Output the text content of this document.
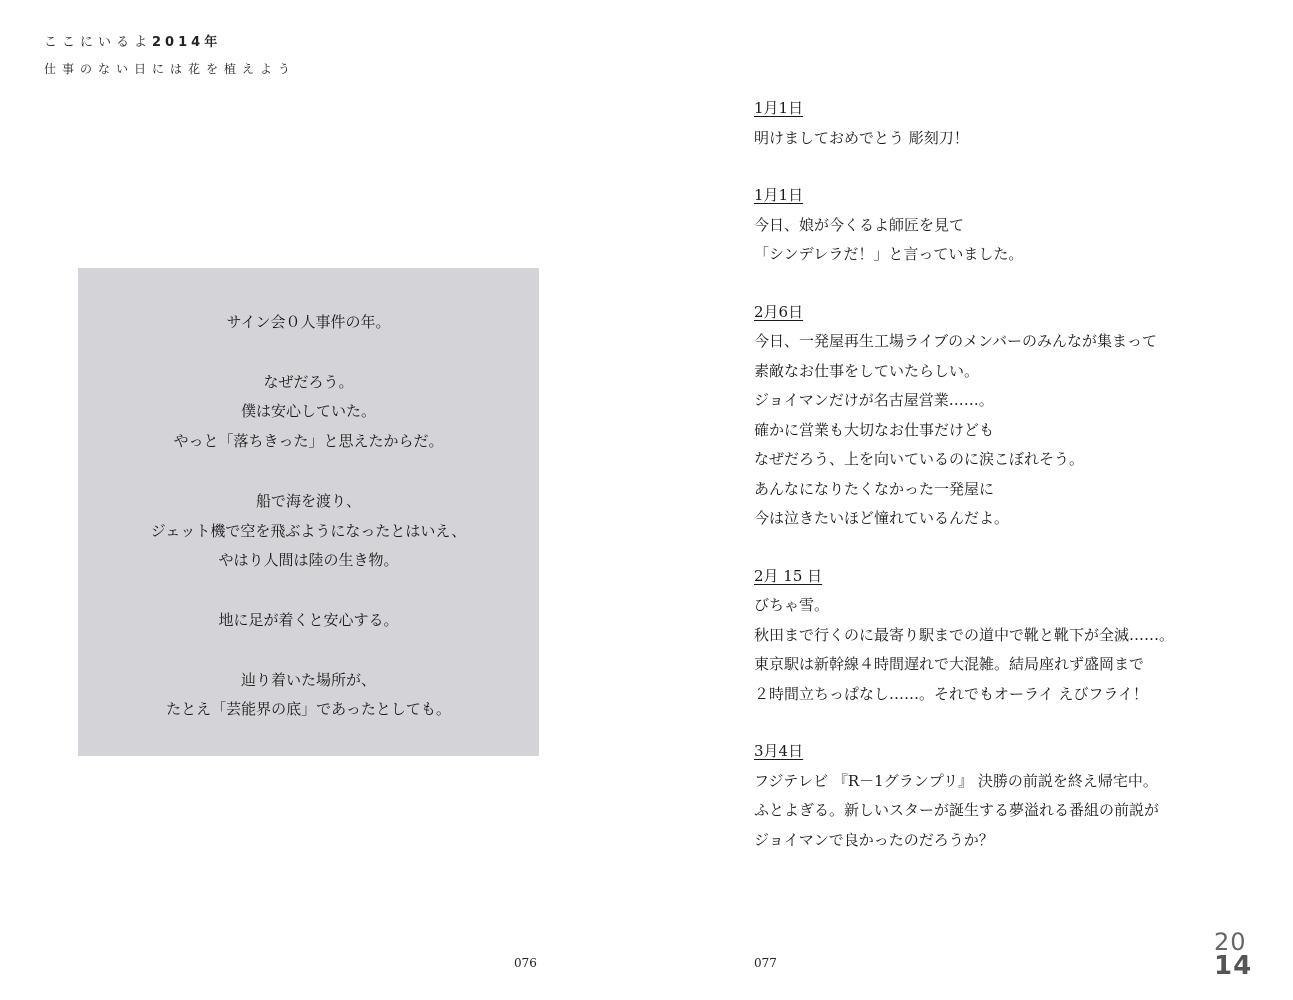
ここにいるよ2014年
仕事のない日には花を植えよう
サイン会０人事件の年。
なぜだろう。
僕は安心していた。
やっと「落ちきった」と思えたからだ。
船で海を渡り、
ジェット機で空を飛ぶようになったとはいえ、
やはり人間は陸の生き物。
地に足が着くと安心する。
辿り着いた場所が、
たとえ「芸能界の底」であったとしても。
1月1日
明けましておめでとう 彫刻刀！
1月1日
今日、娘が今くるよ師匠を見て
「シンデレラだ！」と言っていました。
2月6日
今日、一発屋再生工場ライブのメンバーのみんなが集まって
素敵なお仕事をしていたらしい。
ジョイマンだけが名古屋営業……。
確かに営業も大切なお仕事だけども
なぜだろう、上を向いているのに涙こぼれそう。
あんなになりたくなかった一発屋に
今は泣きたいほど憧れているんだよ。
2月 15 日
びちゃ雪。
秋田まで行くのに最寄り駅までの道中で靴と靴下が全滅……。
東京駅は新幹線４時間遅れで大混雑。結局座れず盛岡まで
２時間立ちっぱなし……。それでもオーライ えびフライ！
3月4日
フジテレビ 『R－1グランプリ』 決勝の前説を終え帰宅中。
ふとよぎる。新しいスターが誕生する夢溢れる番組の前説が
ジョイマンで良かったのだろうか？
076	077
20
14
